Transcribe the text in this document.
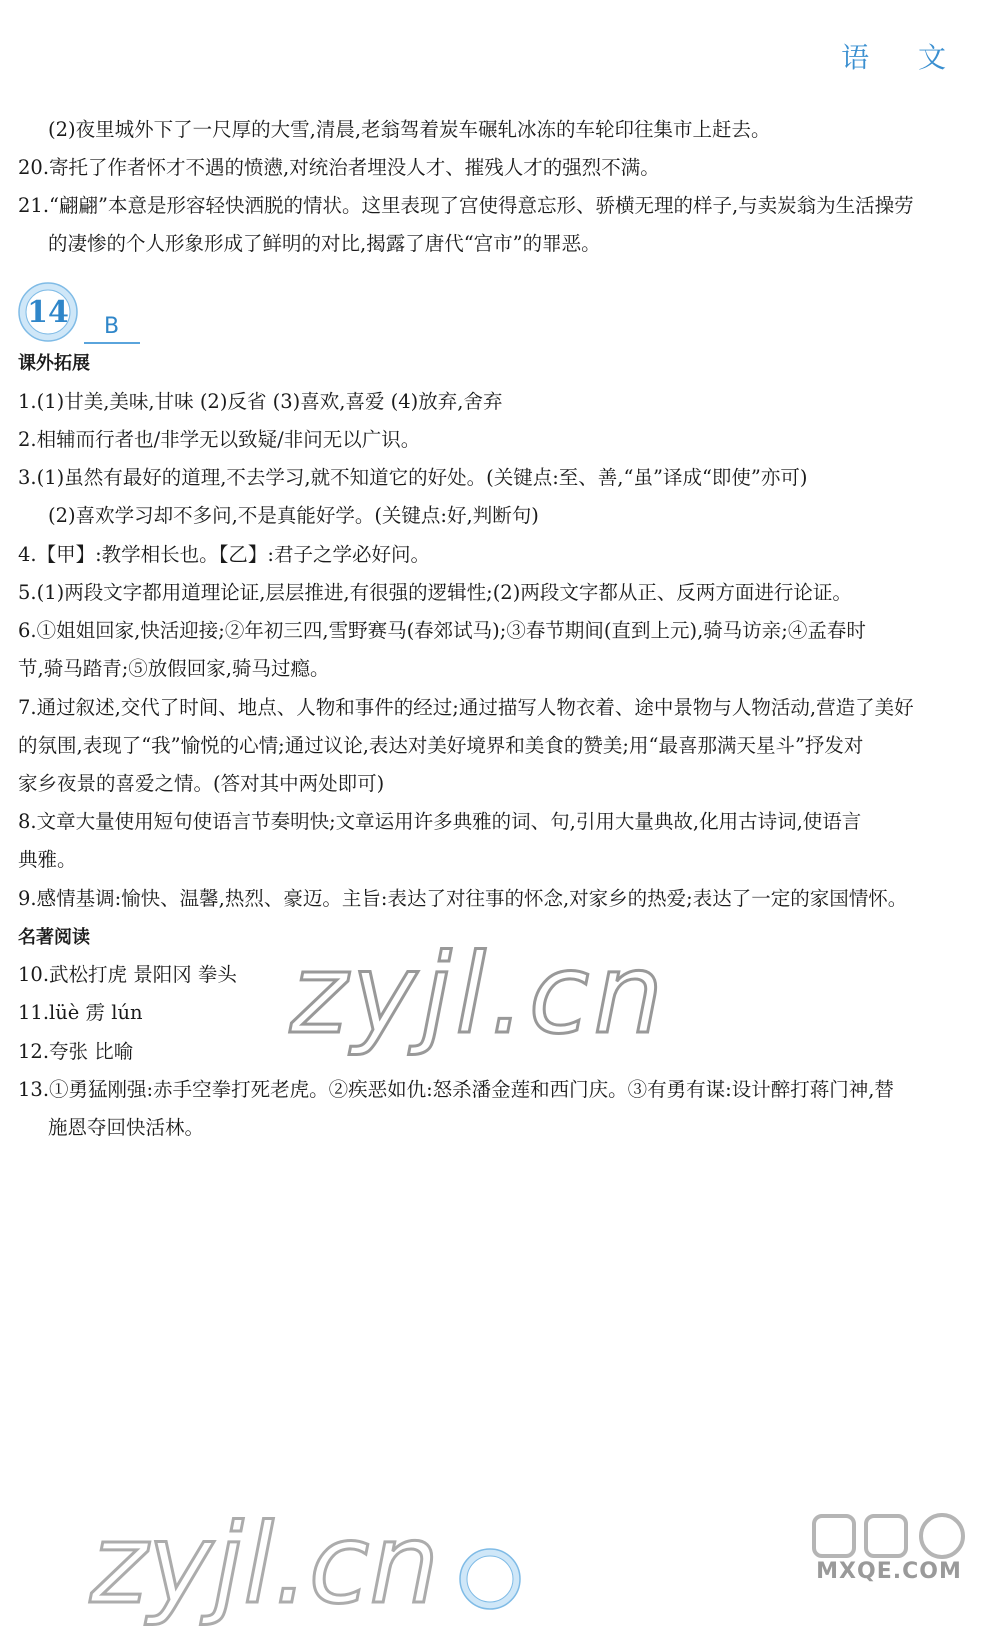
语 文
(2)夜里城外下了一尺厚的大雪,清晨,老翁驾着炭车碾轧冰冻的车轮印往集市上赶去。
20.寄托了作者怀才不遇的愤懑,对统治者埋没人才、摧残人才的强烈不满。
21.“翩翩”本意是形容轻快洒脱的情状。这里表现了宫使得意忘形、骄横无理的样子,与卖炭翁为生活操劳
的凄惨的个人形象形成了鲜明的对比,揭露了唐代“宫市”的罪恶。
课外拓展
1.(1)甘美,美味,甘味 (2)反省 (3)喜欢,喜爱 (4)放弃,舍弃
2.相辅而行者也/非学无以致疑/非问无以广识。
3.(1)虽然有最好的道理,不去学习,就不知道它的好处。(关键点:至、善,“虽”译成“即使”亦可)
(2)喜欢学习却不多问,不是真能好学。(关键点:好,判断句)
4.【甲】:教学相长也。【乙】:君子之学必好问。
5.(1)两段文字都用道理论证,层层推进,有很强的逻辑性;(2)两段文字都从正、反两方面进行论证。
6.①姐姐回家,快活迎接;②年初三四,雪野赛马(春郊试马);③春节期间(直到上元),骑马访亲;④孟春时
节,骑马踏青;⑤放假回家,骑马过瘾。
7.通过叙述,交代了时间、地点、人物和事件的经过;通过描写人物衣着、途中景物与人物活动,营造了美好
的氛围,表现了“我”愉悦的心情;通过议论,表达对美好境界和美食的赞美;用“最喜那满天星斗”抒发对
家乡夜景的喜爱之情。(答对其中两处即可)
8.文章大量使用短句使语言节奏明快;文章运用许多典雅的词、句,引用大量典故,化用古诗词,使语言
典雅。
9.感情基调:愉快、温馨,热烈、豪迈。主旨:表达了对往事的怀念,对家乡的热爱;表达了一定的家国情怀。
名著阅读
10.武松打虎 景阳冈 拳头
11.lüè 雳 lún
12.夸张 比喻
13.①勇猛刚强:赤手空拳打死老虎。②疾恶如仇:怒杀潘金莲和西门庆。③有勇有谋:设计醉打蒋门神,替
施恩夺回快活林。
14	B
zyjl.cn
zyjl.cn	MXQE.COM
